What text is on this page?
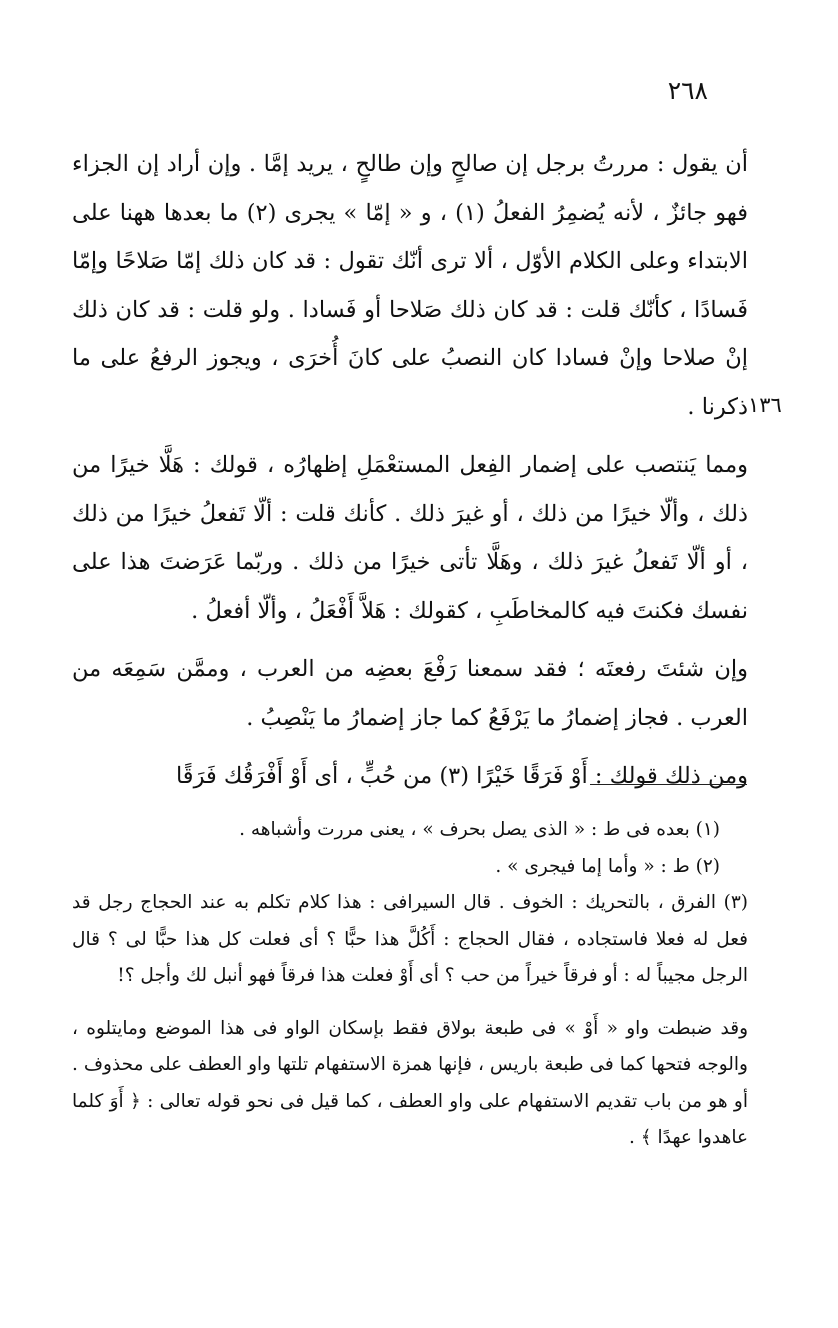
٢٦٨
١٣٦

أن يقول : مررتُ برجل إن صالحٍ وإن طالحٍ ، يريد إمَّا . وإن أراد إن الجزاء فهو جائزٌ ، لأنه يُضمِرُ الفعلُ (١) ، و « إمّا » يجرى (٢) ما بعدها ههنا على الابتداء وعلى الكلام الأوّل ، ألا ترى أنّك تقول : قد كان ذلك إمّا صَلاحًا وإمّا فَسادًا ، كأنّك قلت : قد كان ذلك صَلاحا أو فَسادا . ولو قلت : قد كان ذلك إنْ صلاحا وإنْ فسادا كان النصبُ على كانَ أُخرَى ، ويجوز الرفعُ على ما ذكرنا .

ومما يَنتصب على إضمار الفِعل المستعْمَلِ إظهارُه ، قولك : هَلَّا خيرًا من ذلك ، وألّا خيرًا من ذلك ، أو غيرَ ذلك . كأنك قلت : ألّا تَفعلُ خيرًا من ذلك ، أو ألّا تَفعلُ غيرَ ذلك ، وهَلَّا تأتى خيرًا من ذلك . وربّما عَرَضتَ هذا على نفسك فكنتَ فيه كالمخاطَبِ ، كقولك : هَلاَّ أَفْعَلُ ، وألّا أفعلُ .

وإن شئتَ رفعتَه ؛ فقد سمعنا رَفْعَ بعضِه من العرب ، وممَّن سَمِعَه من العرب . فجاز إضمارُ ما يَرْفَعُ كما جاز إضمارُ ما يَنْصِبُ .

ومن ذلك قولك : أَوْ فَرَقًا خَيْرًا (٣) من حُبٍّ ، أى أَوْ أَفْرَقُك فَرَقًا

(١) بعده فى ط : « الذى يصل بحرف » ، يعنى مررت وأشباهه .

(٢) ط : « وأما إما فيجرى » .

(٣) الفرق ، بالتحريك : الخوف . قال السيرافى : هذا كلام تكلم به عند الحجاج رجل قد فعل له فعلا فاستجاده ، فقال الحجاج : أَكُلَّ هذا حبًّا ؟ أى فعلت كل هذا حبًّا لى ؟ قال الرجل مجيباً له : أو فرقاً خيراً من حب ؟ أى أَوْ فعلت هذا فرقاً فهو أنبل لك وأجل ؟!

وقد ضبطت واو « أَوْ » فى طبعة بولاق فقط بإسكان الواو فى هذا الموضع ومايتلوه ، والوجه فتحها كما فى طبعة باريس ، فإنها همزة الاستفهام تلتها واو العطف على محذوف . أو هو من باب تقديم الاستفهام على واو العطف ، كما قيل فى نحو قوله تعالى : ﴿ أَوَ كلما عاهدوا عهدًا ﴾ .
